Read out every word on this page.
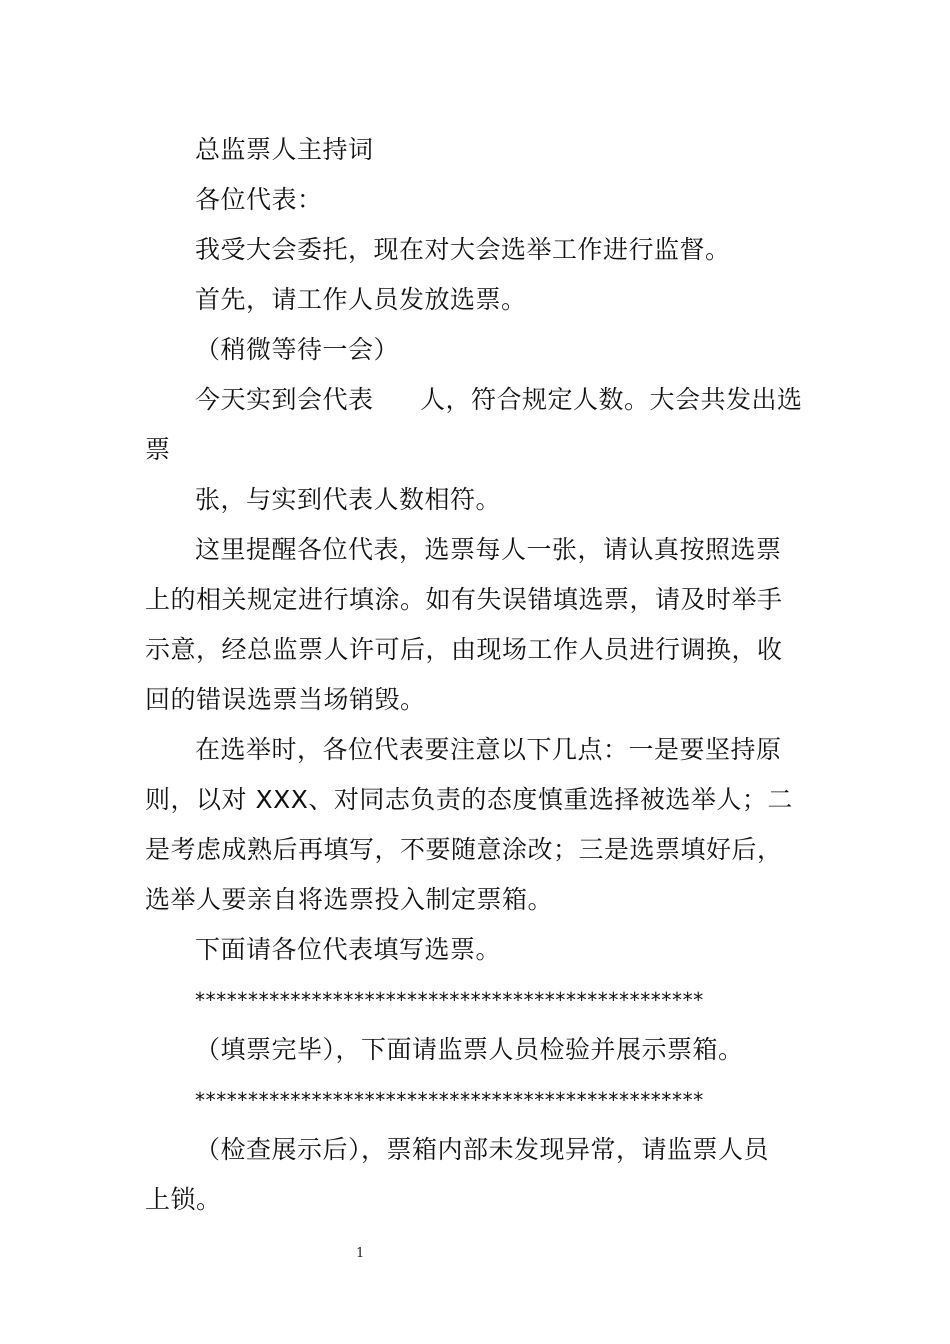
总监票人主持词
各位代表：
我受大会委托，现在对大会选举工作进行监督。
首先，请工作人员发放选票。
（稍微等待一会）
今天实到会代表 人，符合规定人数。大会共发出选
票
张，与实到代表人数相符。
这里提醒各位代表，选票每人一张，请认真按照选票
上的相关规定进行填涂。如有失误错填选票，请及时举手
示意，经总监票人许可后，由现场工作人员进行调换，收
回的错误选票当场销毁。
在选举时，各位代表要注意以下几点：一是要坚持原
则，以对 XXX、对同志负责的态度慎重选择被选举人；二
是考虑成熟后再填写，不要随意涂改；三是选票填好后，
选举人要亲自将选票投入制定票箱。
下面请各位代表填写选票。
************************************************
（填票完毕），下面请监票人员检验并展示票箱。
************************************************
（检查展示后），票箱内部未发现异常，请监票人员
上锁。
1
